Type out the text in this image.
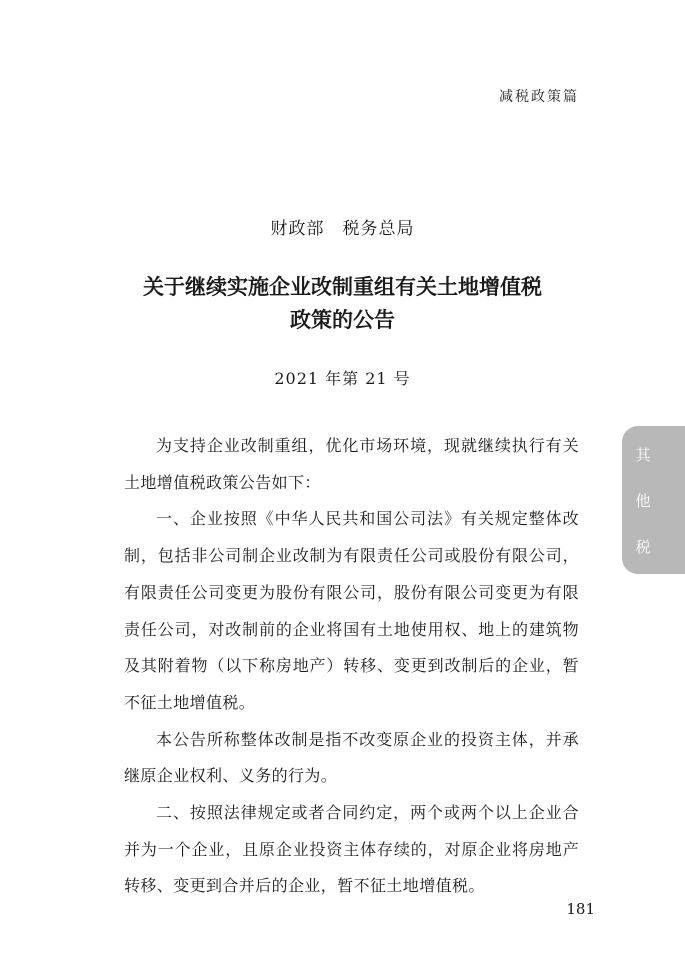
减税政策篇
财政部 税务总局
关于继续实施企业改制重组有关土地增值税
政策的公告
2021 年第 21 号

为支持企业改制重组，优化市场环境，现就继续执行有关土地增值税政策公告如下：

一、企业按照《中华人民共和国公司法》有关规定整体改制，包括非公司制企业改制为有限责任公司或股份有限公司，有限责任公司变更为股份有限公司，股份有限公司变更为有限责任公司，对改制前的企业将国有土地使用权、地上的建筑物及其附着物（以下称房地产）转移、变更到改制后的企业，暂不征土地增值税。

本公告所称整体改制是指不改变原企业的投资主体，并承继原企业权利、义务的行为。

二、按照法律规定或者合同约定，两个或两个以上企业合并为一个企业，且原企业投资主体存续的，对原企业将房地产转移、变更到合并后的企业，暂不征土地增值税。

其
他
税
181
